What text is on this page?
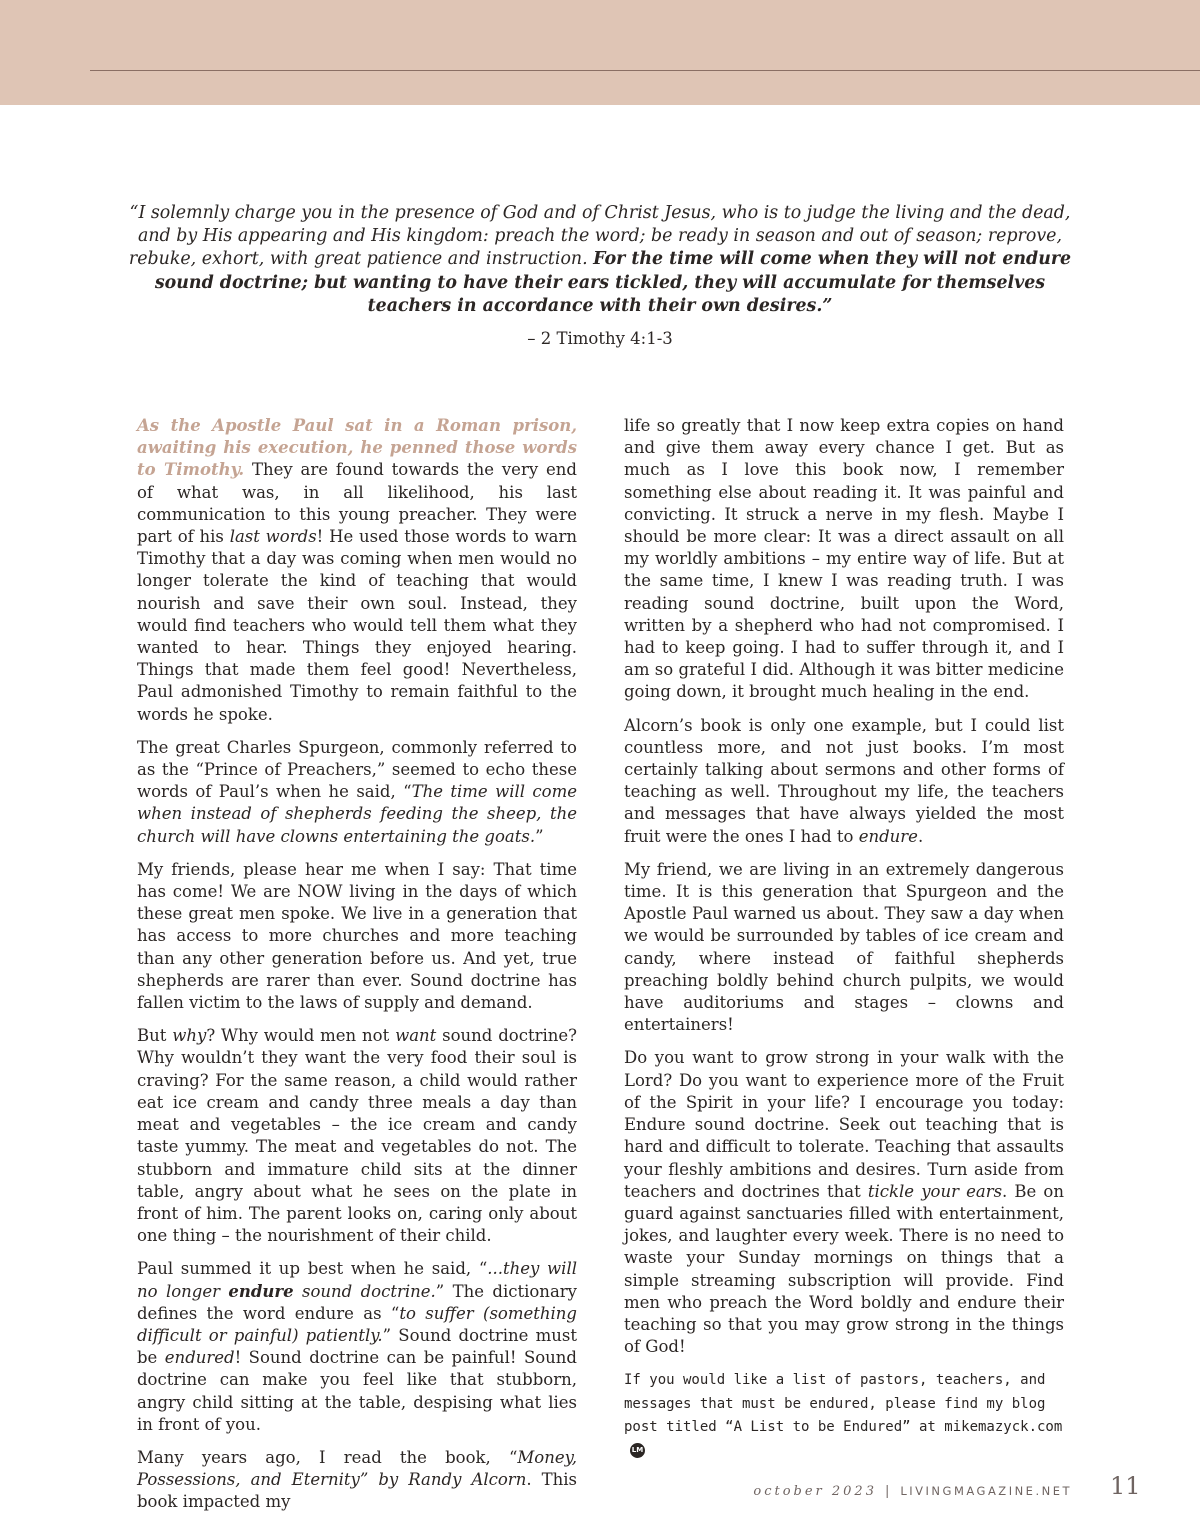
“I solemnly charge you in the presence of God and of Christ Jesus, who is to judge the living and the dead, and by His appearing and His kingdom: preach the word; be ready in season and out of season; reprove, rebuke, exhort, with great patience and instruction. For the time will come when they will not endure sound doctrine; but wanting to have their ears tickled, they will accumulate for themselves teachers in accordance with their own desires.”
– 2 Timothy 4:1-3

As the Apostle Paul sat in a Roman prison, awaiting his execution, he penned those words to Timothy. They are found towards the very end of what was, in all likelihood, his last communication to this young preacher. They were part of his last words! He used those words to warn Timothy that a day was coming when men would no longer tolerate the kind of teaching that would nourish and save their own soul. Instead, they would find teachers who would tell them what they wanted to hear. Things they enjoyed hearing. Things that made them feel good! Nevertheless, Paul admonished Timothy to remain faithful to the words he spoke.

The great Charles Spurgeon, commonly referred to as the “Prince of Preachers,” seemed to echo these words of Paul’s when he said, “The time will come when instead of shepherds feeding the sheep, the church will have clowns entertaining the goats.”

My friends, please hear me when I say: That time has come! We are NOW living in the days of which these great men spoke. We live in a generation that has access to more churches and more teaching than any other generation before us. And yet, true shepherds are rarer than ever. Sound doctrine has fallen victim to the laws of supply and demand.

But why? Why would men not want sound doctrine? Why wouldn’t they want the very food their soul is craving? For the same reason, a child would rather eat ice cream and candy three meals a day than meat and vegetables – the ice cream and candy taste yummy. The meat and vegetables do not. The stubborn and immature child sits at the dinner table, angry about what he sees on the plate in front of him. The parent looks on, caring only about one thing – the nourishment of their child.

Paul summed it up best when he said, “...they will no longer endure sound doctrine.” The dictionary defines the word endure as “to suffer (something difficult or painful) patiently.” Sound doctrine must be endured! Sound doctrine can be painful! Sound doctrine can make you feel like that stubborn, angry child sitting at the table, despising what lies in front of you.

Many years ago, I read the book, “Money, Possessions, and Eternity” by Randy Alcorn. This book impacted my

life so greatly that I now keep extra copies on hand and give them away every chance I get. But as much as I love this book now, I remember something else about reading it. It was painful and convicting. It struck a nerve in my flesh. Maybe I should be more clear: It was a direct assault on all my worldly ambitions – my entire way of life. But at the same time, I knew I was reading truth. I was reading sound doctrine, built upon the Word, written by a shepherd who had not compromised. I had to keep going. I had to suffer through it, and I am so grateful I did. Although it was bitter medicine going down, it brought much healing in the end.

Alcorn’s book is only one example, but I could list countless more, and not just books. I’m most certainly talking about sermons and other forms of teaching as well. Throughout my life, the teachers and messages that have always yielded the most fruit were the ones I had to endure.

My friend, we are living in an extremely dangerous time. It is this generation that Spurgeon and the Apostle Paul warned us about. They saw a day when we would be surrounded by tables of ice cream and candy, where instead of faithful shepherds preaching boldly behind church pulpits, we would have auditoriums and stages – clowns and entertainers!

Do you want to grow strong in your walk with the Lord? Do you want to experience more of the Fruit of the Spirit in your life? I encourage you today: Endure sound doctrine. Seek out teaching that is hard and difficult to tolerate. Teaching that assaults your fleshly ambitions and desires. Turn aside from teachers and doctrines that tickle your ears. Be on guard against sanctuaries filled with entertainment, jokes, and laughter every week. There is no need to waste your Sunday mornings on things that a simple streaming subscription will provide. Find men who preach the Word boldly and endure their teaching so that you may grow strong in the things of God!

If you would like a list of pastors, teachers, and messages that must be endured, please find my blog post titled “A List to be Endured” at mikemazyck.comLM
october 2023 | LIVINGMAGAZINE.NET 11
